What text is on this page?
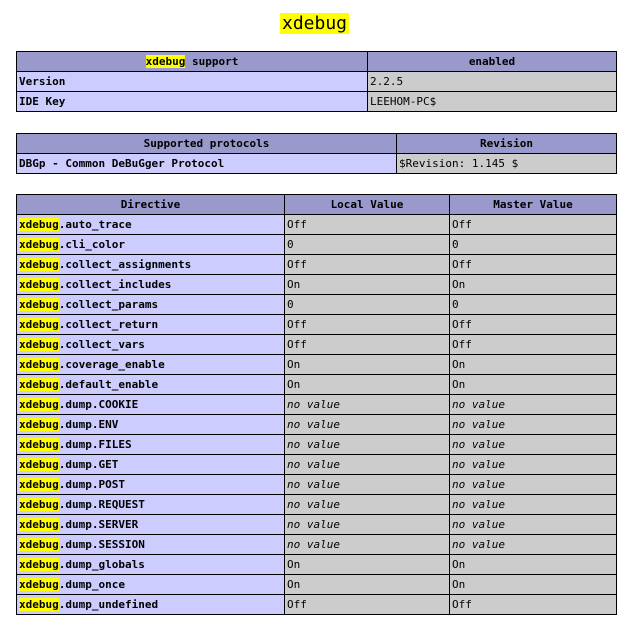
xdebug
xdebug support	enabled
Version	2.2.5
IDE Key	LEEHOM-PC$
Supported protocols	Revision
DBGp - Common DeBuGger Protocol	$Revision: 1.145 $
Directive	Local Value	Master Value
xdebug.auto_trace	Off	Off
xdebug.cli_color	0	0
xdebug.collect_assignments	Off	Off
xdebug.collect_includes	On	On
xdebug.collect_params	0	0
xdebug.collect_return	Off	Off
xdebug.collect_vars	Off	Off
xdebug.coverage_enable	On	On
xdebug.default_enable	On	On
xdebug.dump.COOKIE	no value	no value
xdebug.dump.ENV	no value	no value
xdebug.dump.FILES	no value	no value
xdebug.dump.GET	no value	no value
xdebug.dump.POST	no value	no value
xdebug.dump.REQUEST	no value	no value
xdebug.dump.SERVER	no value	no value
xdebug.dump.SESSION	no value	no value
xdebug.dump_globals	On	On
xdebug.dump_once	On	On
xdebug.dump_undefined	Off	Off
